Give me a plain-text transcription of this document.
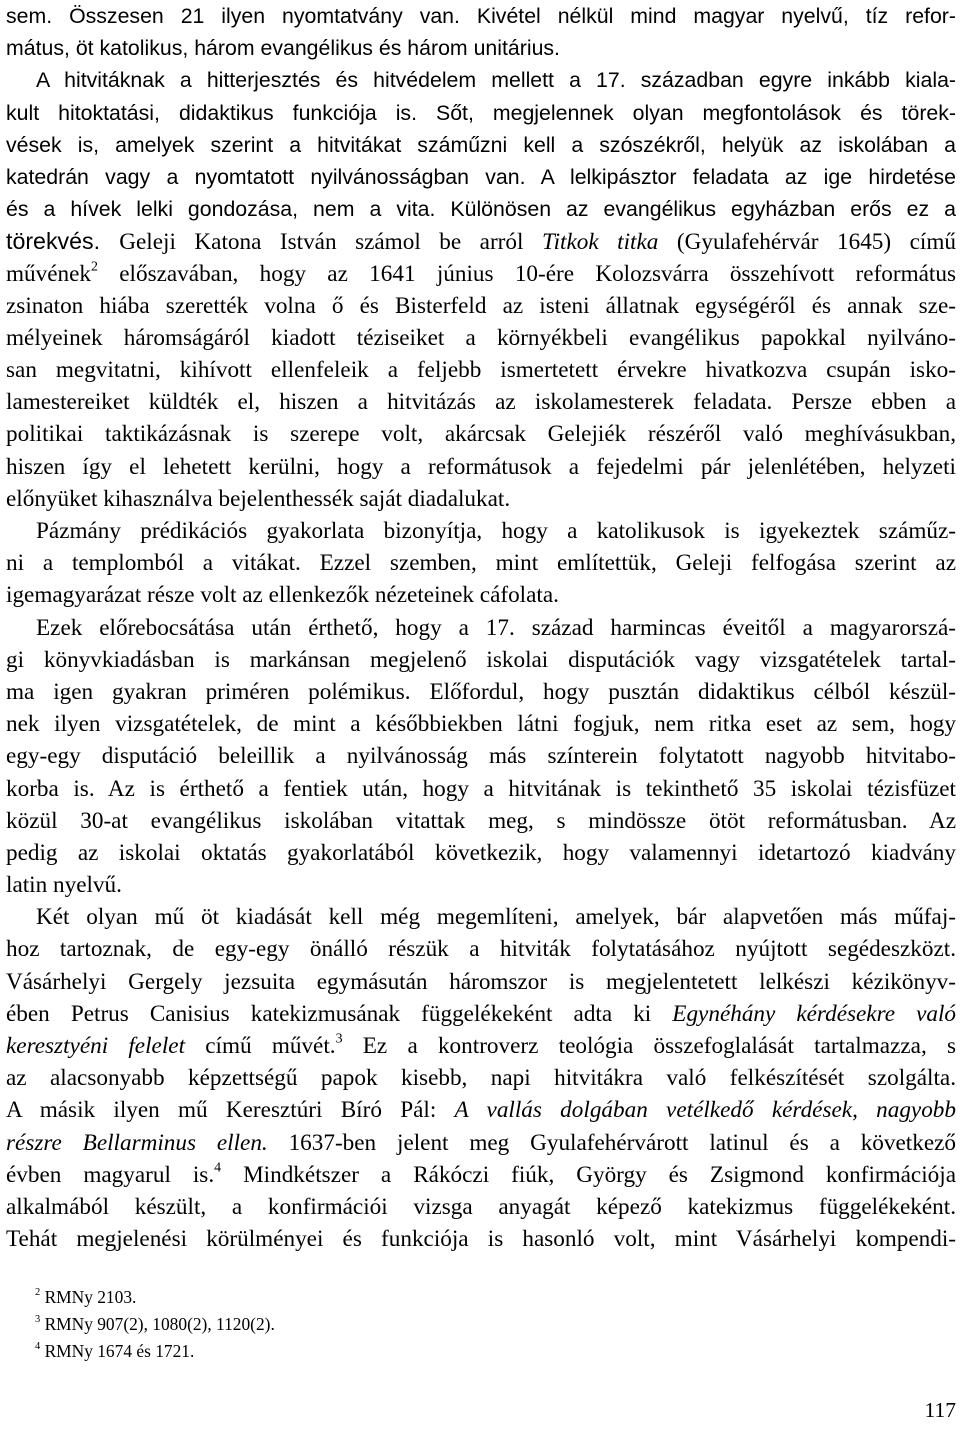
sem. Összesen 21 ilyen nyomtatvány van. Kivétel nélkül mind magyar nyelvű, tíz refor-
mátus, öt katolikus, három evangélikus és három unitárius.
A hitvitáknak a hitterjesztés és hitvédelem mellett a 17. században egyre inkább kiala-
kult hitoktatási, didaktikus funkciója is. Sőt, megjelennek olyan megfontolások és törek-
vések is, amelyek szerint a hitvitákat száműzni kell a szószékről, helyük az iskolában a
katedrán vagy a nyomtatott nyilvánosságban van. A lelkipásztor feladata az ige hirdetése
és a hívek lelki gondozása, nem a vita. Különösen az evangélikus egyházban erős ez a
törekvés. Geleji Katona István számol be arról Titkok titka (Gyulafehérvár 1645) című
művének$^2$ előszavában, hogy az 1641 június 10-ére Kolozsvárra összehívott református
zsinaton hiába szerették volna ő és Bisterfeld az isteni állatnak egységéről és annak sze-
mélyeinek háromságáról kiadott téziseiket a környékbeli evangélikus papokkal nyilváno-
san megvitatni, kihívott ellenfeleik a feljebb ismertetett érvekre hivatkozva csupán isko-
lamestereiket küldték el, hiszen a hitvitázás az iskolamesterek feladata. Persze ebben a
politikai taktikázásnak is szerepe volt, akárcsak Gelejiék részéről való meghívásukban,
hiszen így el lehetett kerülni, hogy a reformátusok a fejedelmi pár jelenlétében, helyzeti
előnyüket kihasználva bejelenthessék saját diadalukat.
Pázmány prédikációs gyakorlata bizonyítja, hogy a katolikusok is igyekeztek száműz-
ni a templomból a vitákat. Ezzel szemben, mint említettük, Geleji felfogása szerint az
igemagyarázat része volt az ellenkezők nézeteinek cáfolata.
Ezek előrebocsátása után érthető, hogy a 17. század harmincas éveitől a magyarorszá-
gi könyvkiadásban is markánsan megjelenő iskolai disputációk vagy vizsgatételek tartal-
ma igen gyakran priméren polémikus. Előfordul, hogy pusztán didaktikus célból készül-
nek ilyen vizsgatételek, de mint a későbbiekben látni fogjuk, nem ritka eset az sem, hogy
egy-egy disputáció beleillik a nyilvánosság más színterein folytatott nagyobb hitvitabo-
korba is. Az is érthető a fentiek után, hogy a hitvitának is tekinthető 35 iskolai tézisfüzet
közül 30-at evangélikus iskolában vitattak meg, s mindössze ötöt reformátusban. Az
pedig az iskolai oktatás gyakorlatából következik, hogy valamennyi idetartozó kiadvány
latin nyelvű.
Két olyan mű öt kiadását kell még megemlíteni, amelyek, bár alapvetően más műfaj-
hoz tartoznak, de egy-egy önálló részük a hitviták folytatásához nyújtott segédeszközt.
Vásárhelyi Gergely jezsuita egymásután háromszor is megjelentetett lelkészi kézikönyv-
ében Petrus Canisius katekizmusának függelékeként adta ki Egynéhány kérdésekre való
keresztyéni felelet című művét.$^3$ Ez a kontroverz teológia összefoglalását tartalmazza, s
az alacsonyabb képzettségű papok kisebb, napi hitvitákra való felkészítését szolgálta.
A másik ilyen mű Keresztúri Bíró Pál: A vallás dolgában vetélkedő kérdések, nagyobb
részre Bellarminus ellen. 1637-ben jelent meg Gyulafehérvárott latinul és a következő
évben magyarul is.$^4$ Mindkétszer a Rákóczi fiúk, György és Zsigmond konfirmációja
alkalmából készült, a konfirmációi vizsga anyagát képező katekizmus függelékeként.
Tehát megjelenési körülményei és funkciója is hasonló volt, mint Vásárhelyi kompendi-
$^2$ RMNy 2103.
$^3$ RMNy 907(2), 1080(2), 1120(2).
$^4$ RMNy 1674 és 1721.
117
